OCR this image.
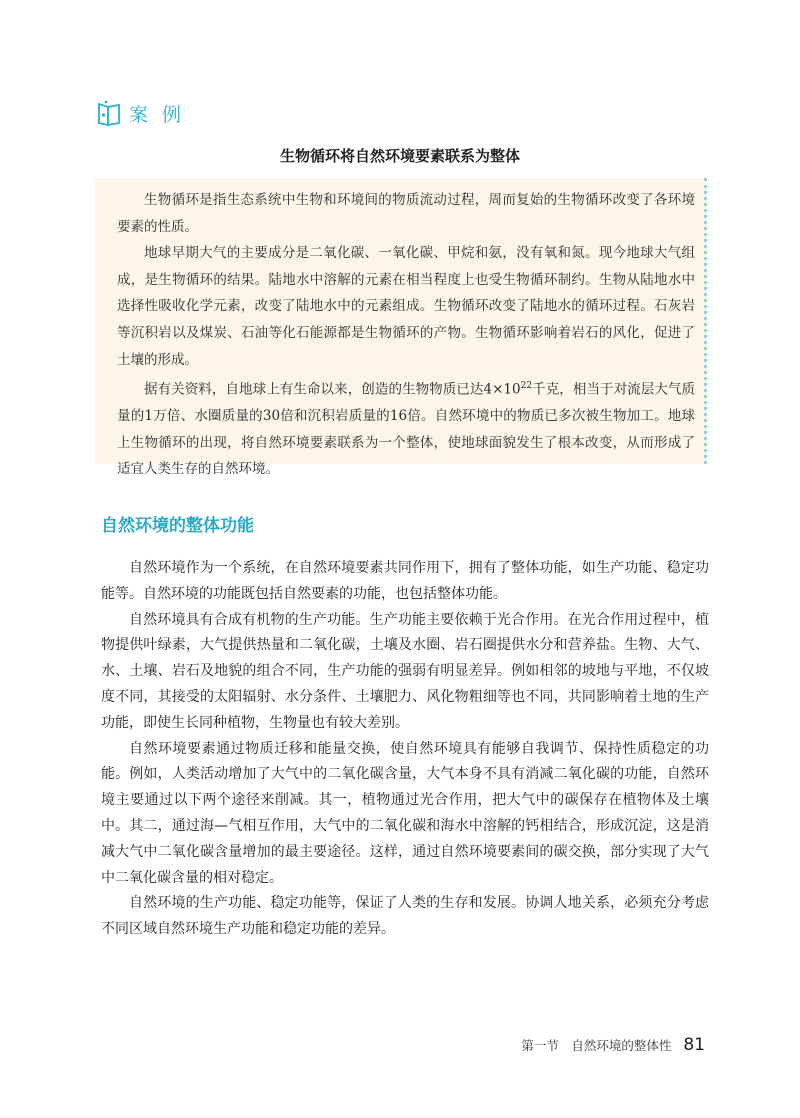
案 例
生物循环将自然环境要素联系为整体

生物循环是指生态系统中生物和环境间的物质流动过程，周而复始的生物循环改变了各环境要素的性质。

地球早期大气的主要成分是二氧化碳、一氧化碳、甲烷和氨，没有氧和氮。现今地球大气组成，是生物循环的结果。陆地水中溶解的元素在相当程度上也受生物循环制约。生物从陆地水中选择性吸收化学元素，改变了陆地水中的元素组成。生物循环改变了陆地水的循环过程。石灰岩等沉积岩以及煤炭、石油等化石能源都是生物循环的产物。生物循环影响着岩石的风化，促进了土壤的形成。

据有关资料，自地球上有生命以来，创造的生物物质已达$4\times 10^{22}$千克，相当于对流层大气质量的1万倍、水圈质量的30倍和沉积岩质量的16倍。自然环境中的物质已多次被生物加工。地球上生物循环的出现，将自然环境要素联系为一个整体，使地球面貌发生了根本改变，从而形成了适宜人类生存的自然环境。

自然环境的整体功能

自然环境作为一个系统，在自然环境要素共同作用下，拥有了整体功能，如生产功能、稳定功能等。自然环境的功能既包括自然要素的功能，也包括整体功能。

自然环境具有合成有机物的生产功能。生产功能主要依赖于光合作用。在光合作用过程中，植物提供叶绿素，大气提供热量和二氧化碳，土壤及水圈、岩石圈提供水分和营养盐。生物、大气、水、土壤、岩石及地貌的组合不同，生产功能的强弱有明显差异。例如相邻的坡地与平地，不仅坡度不同，其接受的太阳辐射、水分条件、土壤肥力、风化物粗细等也不同，共同影响着土地的生产功能，即使生长同种植物，生物量也有较大差别。

自然环境要素通过物质迁移和能量交换，使自然环境具有能够自我调节、保持性质稳定的功能。例如，人类活动增加了大气中的二氧化碳含量，大气本身不具有消减二氧化碳的功能，自然环境主要通过以下两个途径来削减。其一，植物通过光合作用，把大气中的碳保存在植物体及土壤中。其二，通过海—气相互作用，大气中的二氧化碳和海水中溶解的钙相结合，形成沉淀，这是消减大气中二氧化碳含量增加的最主要途径。这样，通过自然环境要素间的碳交换，部分实现了大气中二氧化碳含量的相对稳定。

自然环境的生产功能、稳定功能等，保证了人类的生存和发展。协调人地关系，必须充分考虑不同区域自然环境生产功能和稳定功能的差异。

第一节　自然环境的整体性 81
